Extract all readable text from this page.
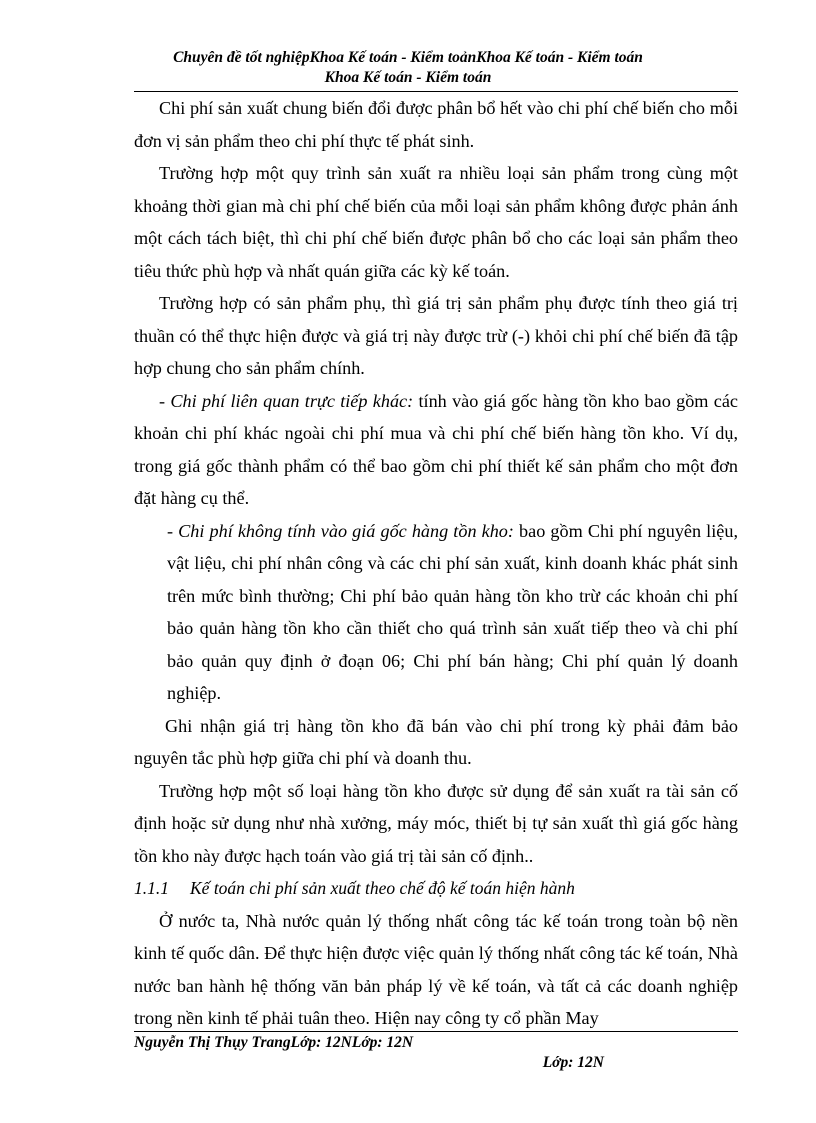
Chuyên đề tốt nghiệpKhoa Kế toán - Kiểm toảnKhoa Kế toán - Kiểm toán
Khoa Kế toán - Kiểm toán

Chi phí sản xuất chung biến đổi được phân bổ hết vào chi phí chế biến cho mỗi đơn vị sản phẩm theo chi phí thực tế phát sinh.

Trường hợp một quy trình sản xuất ra nhiều loại sản phẩm trong cùng một khoảng thời gian mà chi phí chế biến của mỗi loại sản phẩm không được phản ánh một cách tách biệt, thì chi phí chế biến được phân bổ cho các loại sản phẩm theo tiêu thức phù hợp và nhất quán giữa các kỳ kế toán.

Trường hợp có sản phẩm phụ, thì giá trị sản phẩm phụ được tính theo giá trị thuần có thể thực hiện được và giá trị này được trừ (-) khỏi chi phí chế biến đã tập hợp chung cho sản phẩm chính.

- Chi phí liên quan trực tiếp khác: tính vào giá gốc hàng tồn kho bao gồm các khoản chi phí khác ngoài chi phí mua và chi phí chế biến hàng tồn kho. Ví dụ, trong giá gốc thành phẩm có thể bao gồm chi phí thiết kế sản phẩm cho một đơn đặt hàng cụ thể.

- Chi phí không tính vào giá gốc hàng tồn kho: bao gồm Chi phí nguyên liệu, vật liệu, chi phí nhân công và các chi phí sản xuất, kinh doanh khác phát sinh trên mức bình thường; Chi phí bảo quản hàng tồn kho trừ các khoản chi phí bảo quản hàng tồn kho cần thiết cho quá trình sản xuất tiếp theo và chi phí bảo quản quy định ở đoạn 06; Chi phí bán hàng; Chi phí quản lý doanh nghiệp.

Ghi nhận giá trị hàng tồn kho đã bán vào chi phí trong kỳ phải đảm bảo nguyên tắc phù hợp giữa chi phí và doanh thu.

Trường hợp một số loại hàng tồn kho được sử dụng để sản xuất ra tài sản cố định hoặc sử dụng như nhà xưởng, máy móc, thiết bị tự sản xuất thì giá gốc hàng tồn kho này được hạch toán vào giá trị tài sản cố định..

1.1.1 Kế toán chi phí sản xuất theo chế độ kế toán hiện hành

Ở nước ta, Nhà nước quản lý thống nhất công tác kế toán trong toàn bộ nền kinh tế quốc dân. Để thực hiện được việc quản lý thống nhất công tác kế toán, Nhà nước ban hành hệ thống văn bản pháp lý về kế toán, và tất cả các doanh nghiệp trong nền kinh tế phải tuân theo. Hiện nay công ty cổ phần May

Nguyễn Thị Thụy TrangLớp: 12NLớp: 12N
Lớp: 12N
